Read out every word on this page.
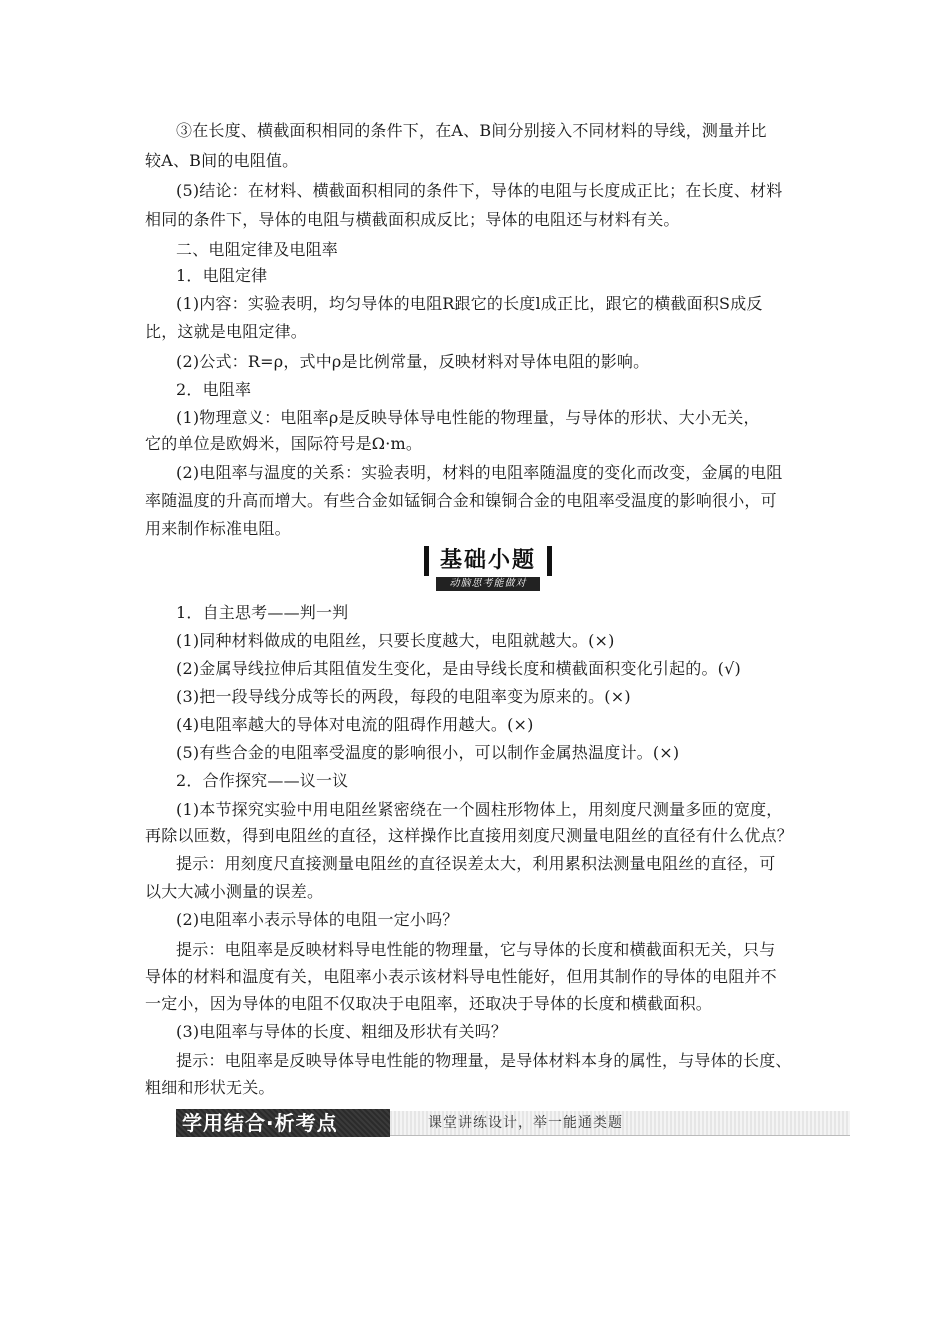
③在长度、横截面积相同的条件下，在A、B间分别接入不同材料的导线，测量并比
较A、B间的电阻值。
(5)结论：在材料、横截面积相同的条件下，导体的电阻与长度成正比；在长度、材料
相同的条件下，导体的电阻与横截面积成反比；导体的电阻还与材料有关。
二、电阻定律及电阻率
1．电阻定律
(1)内容：实验表明，均匀导体的电阻R跟它的长度l成正比，跟它的横截面积S成反
比，这就是电阻定律。
(2)公式：R=ρ，式中ρ是比例常量，反映材料对导体电阻的影响。
2．电阻率
(1)物理意义：电阻率ρ是反映导体导电性能的物理量，与导体的形状、大小无关，
它的单位是欧姆米，国际符号是Ω·m。
(2)电阻率与温度的关系：实验表明，材料的电阻率随温度的变化而改变，金属的电阻
率随温度的升高而增大。有些合金如锰铜合金和镍铜合金的电阻率受温度的影响很小，可
用来制作标准电阻。
基础小题
动脑思考能做对
1．自主思考——判一判
(1)同种材料做成的电阻丝，只要长度越大，电阻就越大。(×)
(2)金属导线拉伸后其阻值发生变化，是由导线长度和横截面积变化引起的。(√)
(3)把一段导线分成等长的两段，每段的电阻率变为原来的。(×)
(4)电阻率越大的导体对电流的阻碍作用越大。(×)
(5)有些合金的电阻率受温度的影响很小，可以制作金属热温度计。(×)
2．合作探究——议一议
(1)本节探究实验中用电阻丝紧密绕在一个圆柱形物体上，用刻度尺测量多匝的宽度，
再除以匝数，得到电阻丝的直径，这样操作比直接用刻度尺测量电阻丝的直径有什么优点？
提示：用刻度尺直接测量电阻丝的直径误差太大，利用累积法测量电阻丝的直径，可
以大大减小测量的误差。
(2)电阻率小表示导体的电阻一定小吗？
提示：电阻率是反映材料导电性能的物理量，它与导体的长度和横截面积无关，只与
导体的材料和温度有关，电阻率小表示该材料导电性能好，但用其制作的导体的电阻并不
一定小，因为导体的电阻不仅取决于电阻率，还取决于导体的长度和横截面积。
(3)电阻率与导体的长度、粗细及形状有关吗？
提示：电阻率是反映导体导电性能的物理量，是导体材料本身的属性，与导体的长度、
粗细和形状无关。
学用结合·析考点	课堂讲练设计，举一能通类题
